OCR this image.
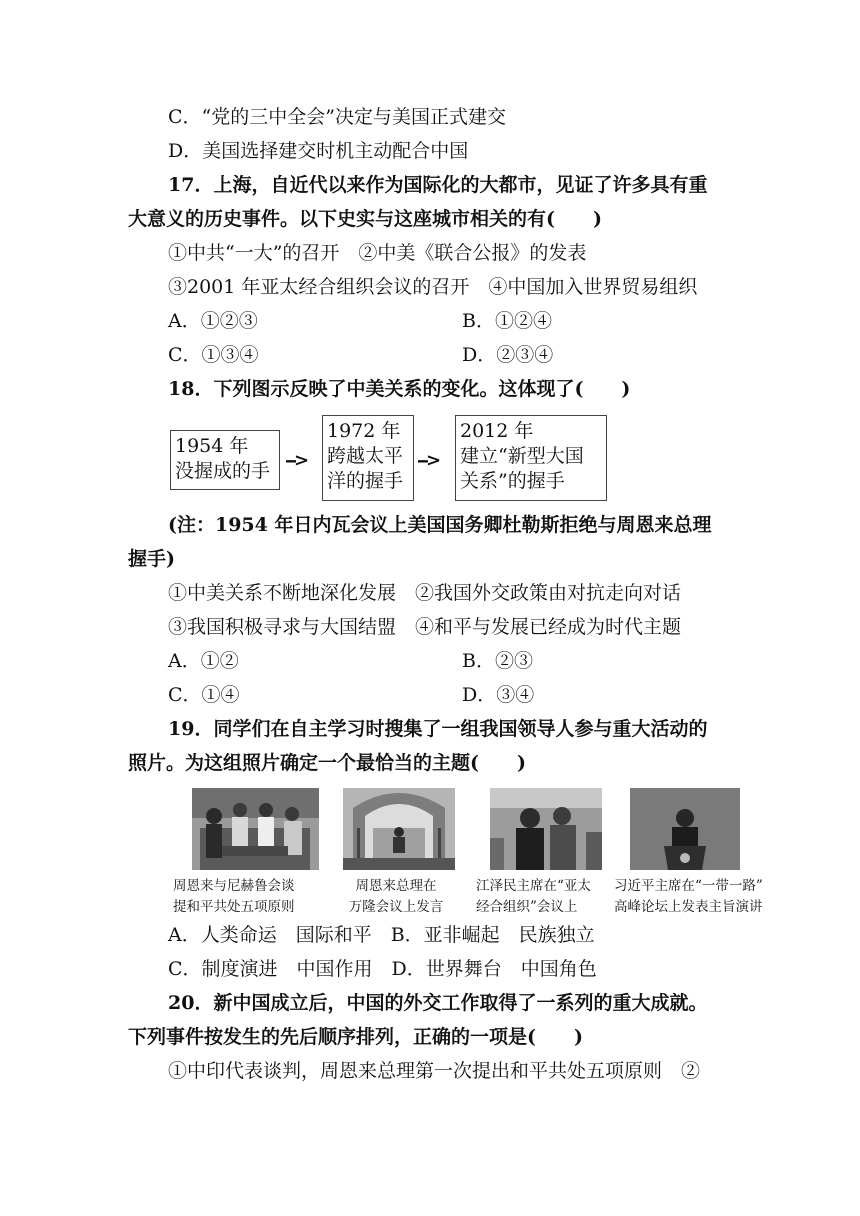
C．“党的三中全会”决定与美国正式建交
D．美国选择建交时机主动配合中国
17．上海，自近代以来作为国际化的大都市，见证了许多具有重
大意义的历史事件。以下史实与这座城市相关的有(　　)
①中共“一大”的召开　②中美《联合公报》的发表
③2001 年亚太经合组织会议的召开　④中国加入世界贸易组织
A．①②③	B．①②④
C．①③④	D．②③④
18．下列图示反映了中美关系的变化。这体现了(　　)
1954 年
没握成的手 -->
1972 年
跨越太平
洋的握手
-->
2012 年
建立“新型大国
关系”的握手
(注：1954 年日内瓦会议上美国国务卿杜勒斯拒绝与周恩来总理
握手)
①中美关系不断地深化发展　②我国外交政策由对抗走向对话
③我国积极寻求与大国结盟　④和平与发展已经成为时代主题
A．①②	B．②③
C．①④	D．③④
19．同学们在自主学习时搜集了一组我国领导人参与重大活动的
照片。为这组照片确定一个最恰当的主题(　　)
周恩来与尼赫鲁会谈
提和平共处五项原则
周恩来总理在
万隆会议上发言
江泽民主席在“亚太
经合组织”会议上
习近平主席在“一带一路”
高峰论坛上发表主旨演讲
A．人类命运　国际和平　B．亚非崛起　民族独立
C．制度演进　中国作用　D．世界舞台　中国角色
20．新中国成立后，中国的外交工作取得了一系列的重大成就。
下列事件按发生的先后顺序排列，正确的一项是(　　)
①中印代表谈判，周恩来总理第一次提出和平共处五项原则　②
